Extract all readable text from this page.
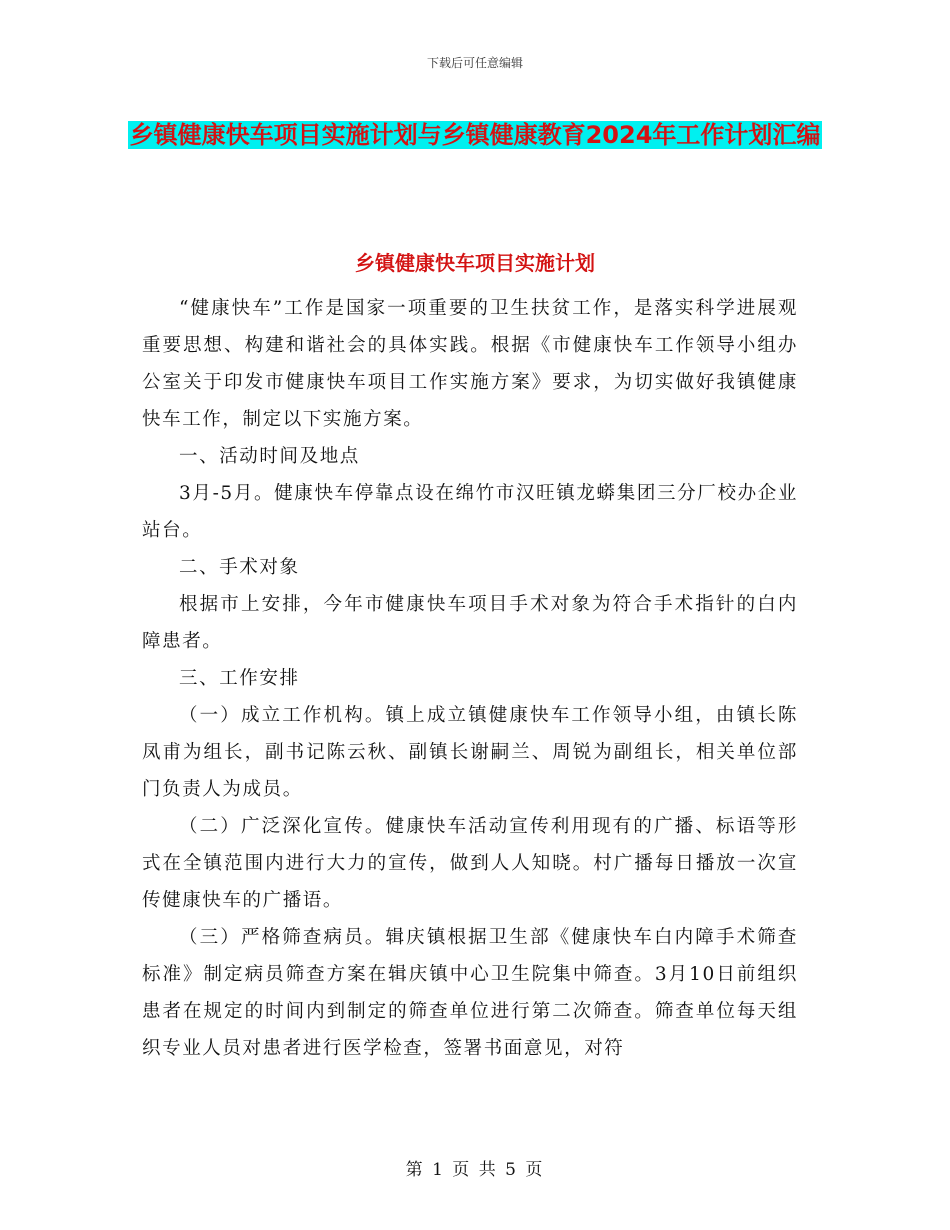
下载后可任意编辑
乡镇健康快车项目实施计划与乡镇健康教育2024年工作计划汇编
乡镇健康快车项目实施计划

“健康快车”工作是国家一项重要的卫生扶贫工作，是落实科学进展观重要思想、构建和谐社会的具体实践。根据《市健康快车工作领导小组办公室关于印发市健康快车项目工作实施方案》要求，为切实做好我镇健康快车工作，制定以下实施方案。

一、活动时间及地点

3月-5月。健康快车停靠点设在绵竹市汉旺镇龙蟒集团三分厂校办企业站台。

二、手术对象

根据市上安排，今年市健康快车项目手术对象为符合手术指针的白内障患者。

三、工作安排

（一）成立工作机构。镇上成立镇健康快车工作领导小组，由镇长陈凤甫为组长，副书记陈云秋、副镇长谢嗣兰、周锐为副组长，相关单位部门负责人为成员。

（二）广泛深化宣传。健康快车活动宣传利用现有的广播、标语等形式在全镇范围内进行大力的宣传，做到人人知晓。村广播每日播放一次宣传健康快车的广播语。

（三）严格筛查病员。辑庆镇根据卫生部《健康快车白内障手术筛查标准》制定病员筛查方案在辑庆镇中心卫生院集中筛查。3月10日前组织患者在规定的时间内到制定的筛查单位进行第二次筛查。筛查单位每天组织专业人员对患者进行医学检查，签署书面意见，对符

第 1 页 共 5 页
